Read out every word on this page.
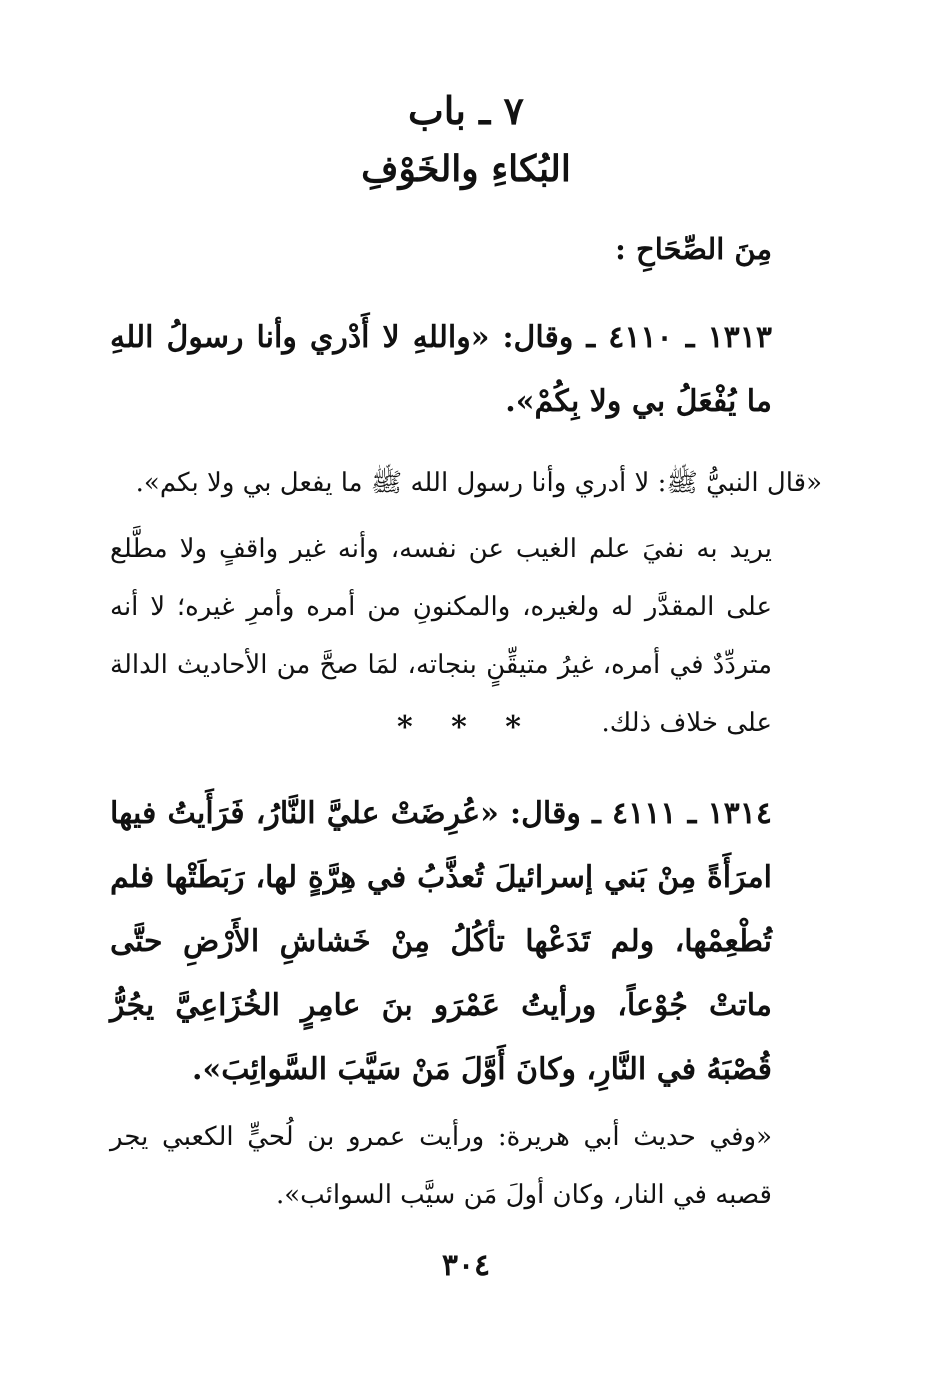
٧ ـ باب
البُكاءِ والخَوْفِ
مِنَ الصِّحَاحِ :
١٣١٣ ـ ٤١١٠ ـ وقال: «واللهِ لا أَدْري وأنا رسولُ اللهِ ما يُفْعَلُ بي ولا بِكُمْ».
«قال النبيُّ ﷺ: لا أدري وأنا رسول الله ﷺ ما يفعل بي ولا بكم».
يريد به نفيَ علم الغيب عن نفسه، وأنه غير واقفٍ ولا مطَّلع على المقدَّر له ولغيره، والمكنونِ من أمره وأمرِ غيره؛ لا أنه متردِّدٌ في أمره، غيرُ متيقِّنٍ بنجاته، لمَا صحَّ من الأحاديث الدالة على خلاف ذلك.
* * *
١٣١٤ ـ ٤١١١ ـ وقال: «عُرِضَتْ عليَّ النَّارُ، فَرَأَيتُ فيها امرَأَةً مِنْ بَني إسرائيلَ تُعذَّبُ في هِرَّةٍ لها، رَبَطَتْها فلم تُطْعِمْها، ولم تَدَعْها تأكُلُ مِنْ خَشاشِ الأَرْضِ حتَّى ماتتْ جُوْعاً، ورأيتُ عَمْرَو بنَ عامِرٍ الخُزَاعِيَّ يجُرُّ قُصْبَهُ في النَّارِ، وكانَ أَوَّلَ مَنْ سَيَّبَ السَّوائِبَ».
«وفي حديث أبي هريرة: ورأيت عمرو بن لُحيٍّ الكعبي يجر قصبه في النار، وكان أولَ مَن سيَّب السوائب».
٣٠٤
